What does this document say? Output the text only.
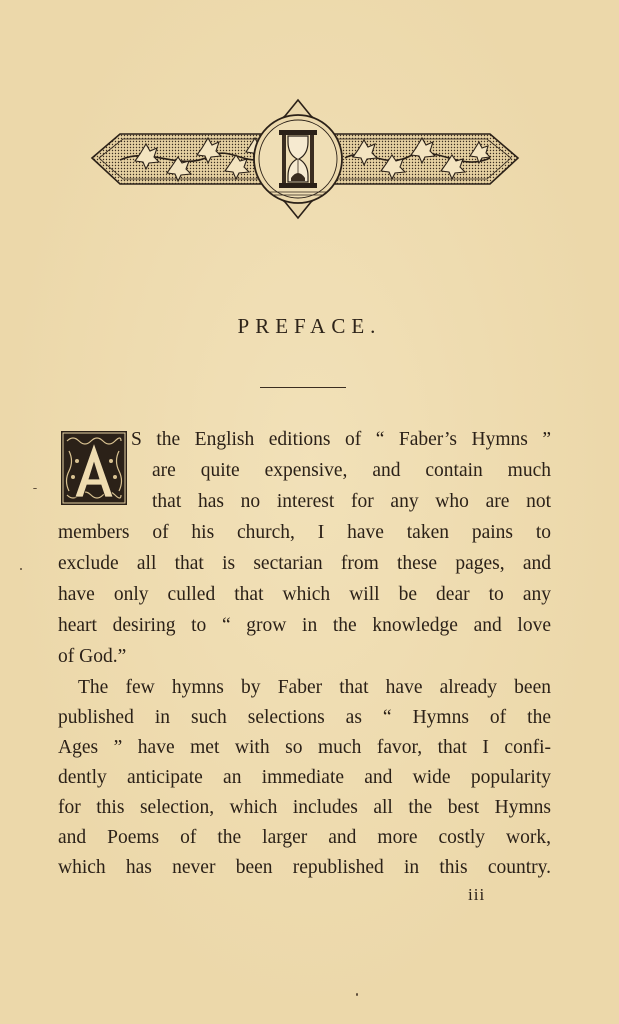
PREFACE.
S the English editions of “ Faber’s Hymns ”
are quite expensive, and contain much
that has no interest for any who are not
members of his church, I have taken pains to
exclude all that is sectarian from these pages, and
have only culled that which will be dear to any
heart desiring to “ grow in the knowledge and love
of God.”
The few hymns by Faber that have already been
published in such selections as “ Hymns of the
Ages ” have met with so much favor, that I confi-
dently anticipate an immediate and wide popularity
for this selection, which includes all the best Hymns
and Poems of the larger and more costly work,
which has never been republished in this country.
iii
